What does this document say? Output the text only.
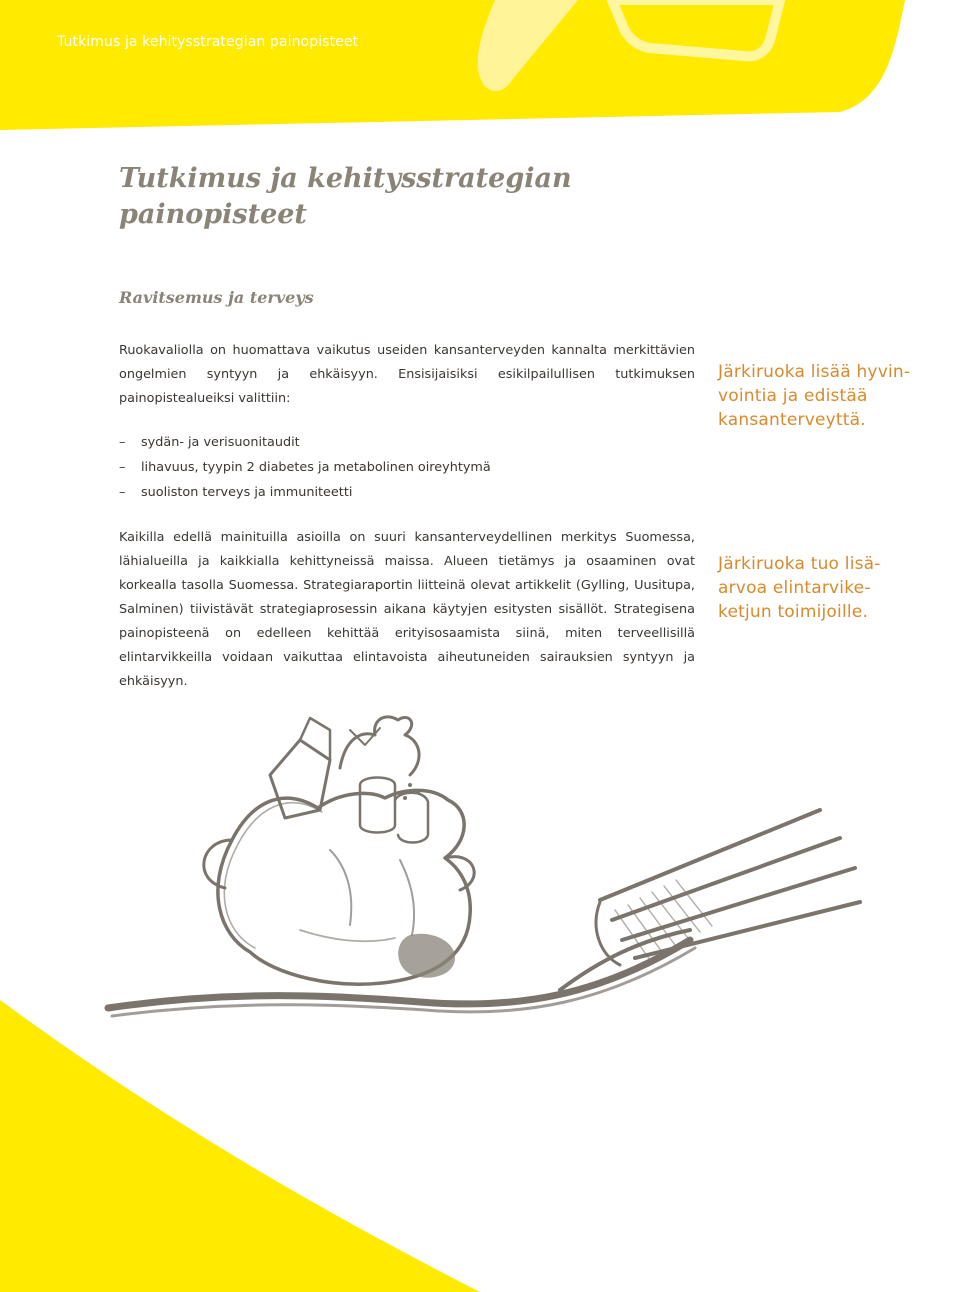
Tutkimus ja kehitysstrategian painopisteet	11
Tutkimus ja kehitysstrategian
painopisteet
Ravitsemus ja terveys

Ruokavaliolla on huomattava vaikutus useiden kansanterveyden kannalta merkittävien ongelmien syntyyn ja ehkäisyyn. Ensisijaisiksi esikilpailullisen tutkimuksen painopistealueiksi valittiin:

– sydän- ja verisuonitaudit
– lihavuus, tyypin 2 diabetes ja metabolinen oireyhtymä
– suoliston terveys ja immuniteetti

Kaikilla edellä mainituilla asioilla on suuri kansanterveydellinen merkitys Suomessa, lähialueilla ja kaikkialla kehittyneissä maissa. Alueen tietämys ja osaaminen ovat korkealla tasolla Suomessa. Strategiaraportin liitteinä olevat artikkelit (Gylling, Uusitupa, Salminen) tiivistävät strategiaprosessin aikana käytyjen esitysten sisällöt. Strategisena painopisteenä on edelleen kehittää erityisosaamista siinä, miten terveellisillä elintarvikkeilla voidaan vaikuttaa elintavoista aiheutuneiden sairauksien syntyyn ja ehkäisyyn.

Järkiruoka lisää hyvin-
vointia ja edistää
kansanterveyttä.

Järkiruoka tuo lisä-
arvoa elintarvike-
ketjun toimijoille.
